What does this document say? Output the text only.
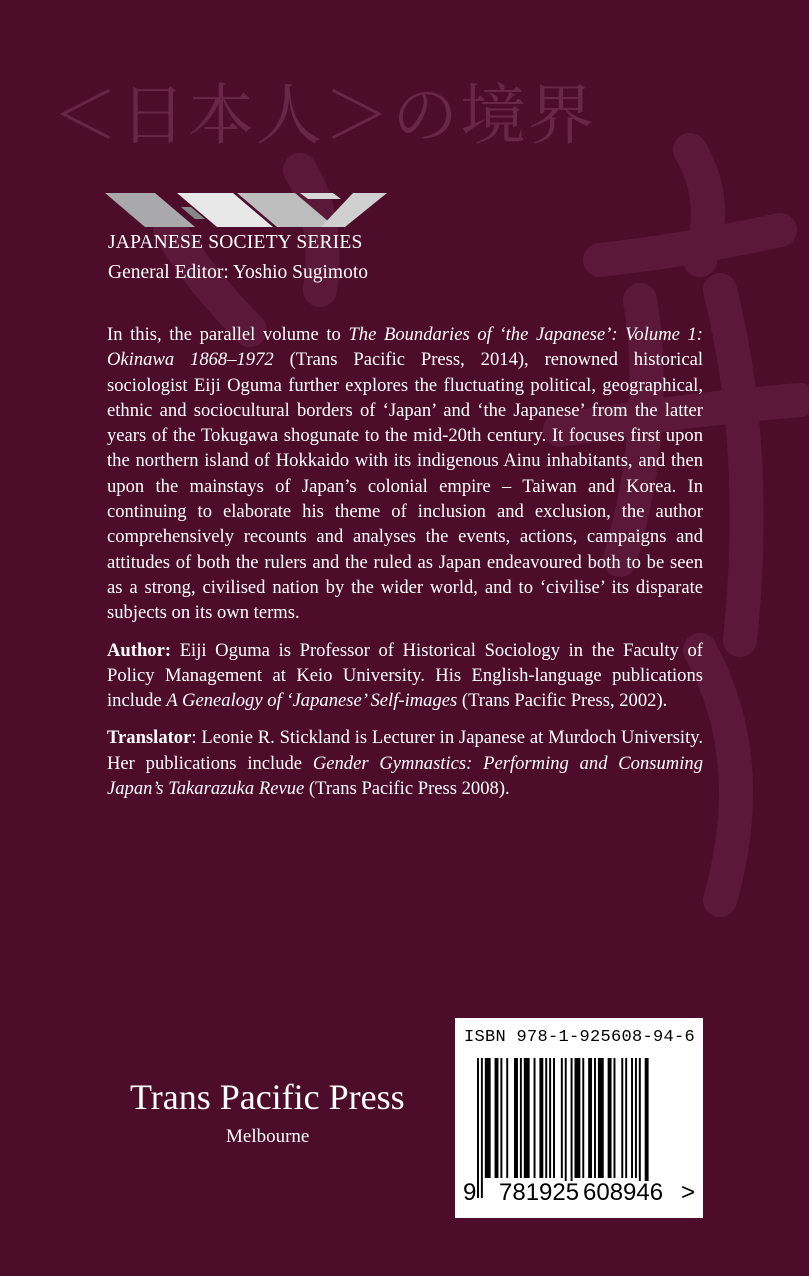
＜日本人＞の境界
JAPANESE SOCIETY SERIES
General Editor: Yoshio Sugimoto

In this, the parallel volume to The Boundaries of ‘the Japanese’: Volume 1: Okinawa 1868–1972 (Trans Pacific Press, 2014), renowned historical sociologist Eiji Oguma further explores the fluctuating political, geographical, ethnic and sociocultural borders of ‘Japan’ and ‘the Japanese’ from the latter years of the Tokugawa shogunate to the mid-20th century. It focuses first upon the northern island of Hokkaido with its indigenous Ainu inhabitants, and then upon the mainstays of Japan’s colonial empire – Taiwan and Korea. In continuing to elaborate his theme of inclusion and exclusion, the author comprehensively recounts and analyses the events, actions, campaigns and attitudes of both the rulers and the ruled as Japan endeavoured both to be seen as a strong, civilised nation by the wider world, and to ‘civilise’ its disparate subjects on its own terms.

Author: Eiji Oguma is Professor of Historical Sociology in the Faculty of Policy Management at Keio University. His English-language publications include A Genealogy of ‘Japanese’ Self-images (Trans Pacific Press, 2002).

Translator: Leonie R. Stickland is Lecturer in Japanese at Murdoch University. Her publications include Gender Gymnastics: Performing and Consuming Japan’s Takarazuka Revue (Trans Pacific Press 2008).

Trans Pacific Press
Melbourne
ISBN 978-1-925608-94-6
9 781925 608946 >
